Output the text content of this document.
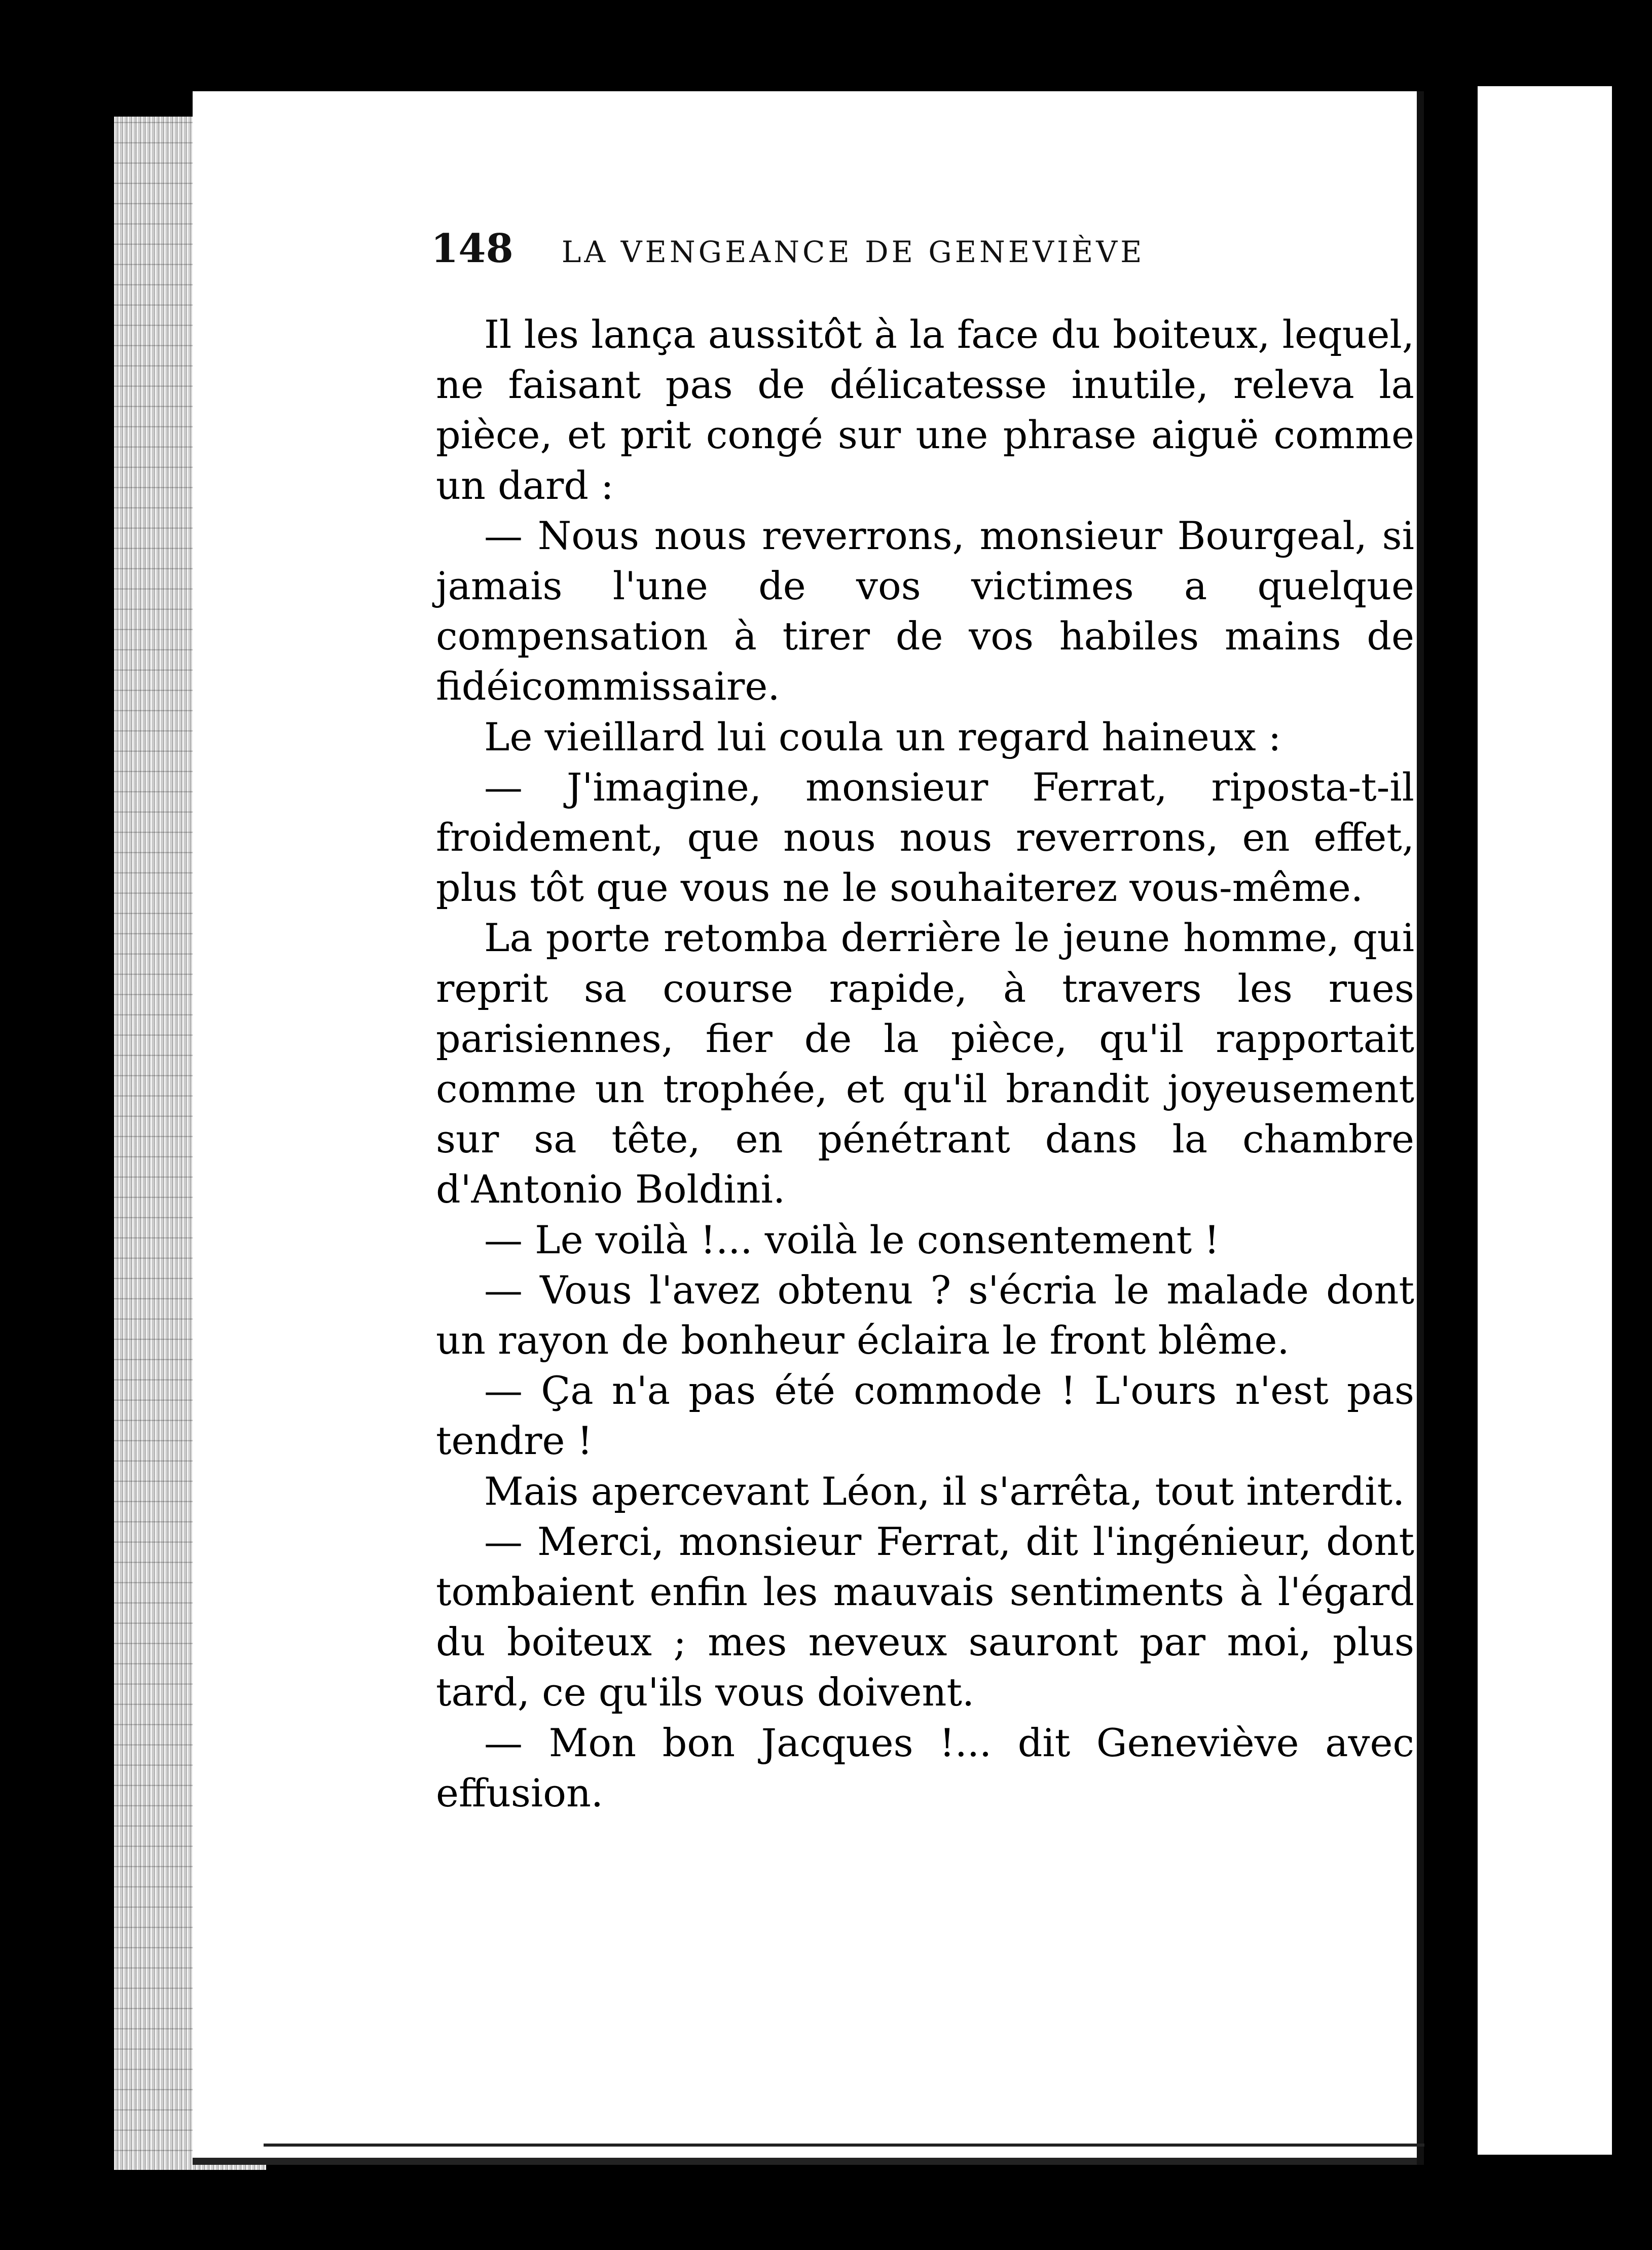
148 LA VENGEANCE DE GENEVIÈVE

Il les lança aussitôt à la face du boiteux, lequel, ne faisant pas de délicatesse inutile, releva la pièce, et prit congé sur une phrase aiguë comme un dard :

— Nous nous reverrons, monsieur Bourgeal, si jamais l'une de vos victimes a quelque compensation à tirer de vos habiles mains de fidéicommissaire.

Le vieillard lui coula un regard haineux :

— J'imagine, monsieur Ferrat, riposta-t-il froidement, que nous nous reverrons, en effet, plus tôt que vous ne le souhaiterez vous-même.

La porte retomba derrière le jeune homme, qui reprit sa course rapide, à travers les rues parisiennes, fier de la pièce, qu'il rapportait comme un trophée, et qu'il brandit joyeusement sur sa tête, en pénétrant dans la chambre d'Antonio Boldini.

— Le voilà !... voilà le consentement !

— Vous l'avez obtenu ? s'écria le malade dont un rayon de bonheur éclaira le front blême.

— Ça n'a pas été commode ! L'ours n'est pas tendre !

Mais apercevant Léon, il s'arrêta, tout interdit.

— Merci, monsieur Ferrat, dit l'ingénieur, dont tombaient enfin les mauvais sentiments à l'égard du boiteux ; mes neveux sauront par moi, plus tard, ce qu'ils vous doivent.

— Mon bon Jacques !... dit Geneviève avec effusion.
